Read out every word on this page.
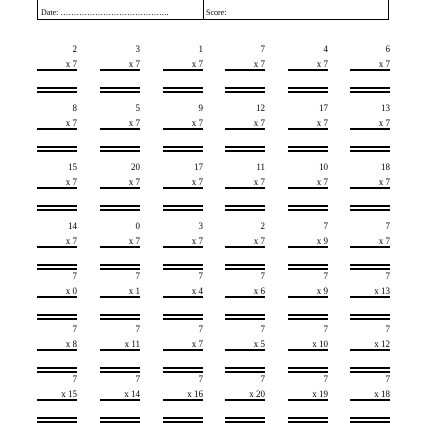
Date: …………………………………..	Score:
2
x 7
3
x 7
1
x 7
7
x 7
4
x 7
6
x 7
8
x 7
5
x 7
9
x 7
12
x 7
17
x 7
13
x 7
15
x 7
20
x 7
17
x 7
11
x 7
10
x 7
18
x 7
14
x 7
0
x 7
3
x 7
2
x 7
7
x 9
7
x 7
7
x 0
7
x 1
7
x 4
7
x 6
7
x 9
7
x 13
7
x 8
7
x 11
7
x 7
7
x 5
7
x 10
7
x 12
7
x 15
7
x 14
7
x 16
7
x 20
7
x 19
7
x 18
